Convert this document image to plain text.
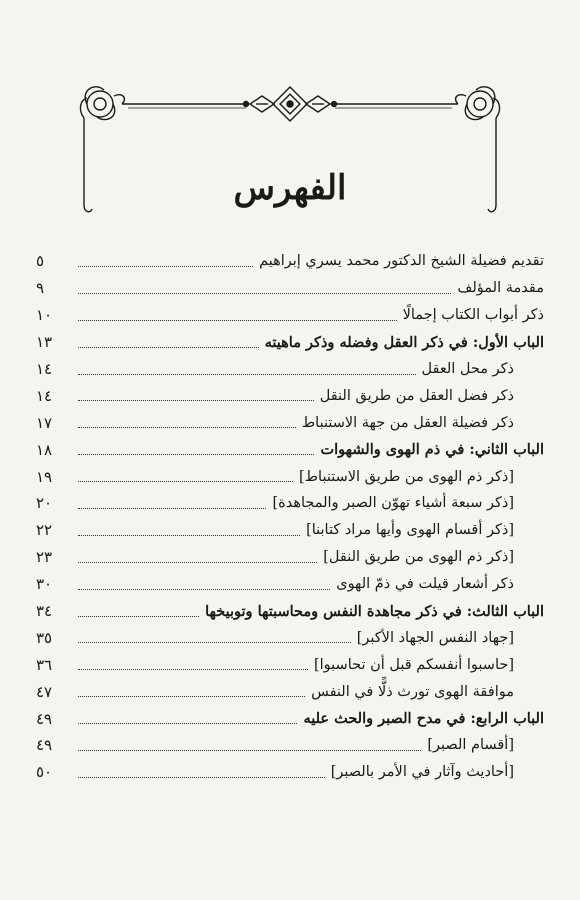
الفهرس
تقديم فضيلة الشيخ الدكتور محمد يسري إبراهيم
٥
مقدمة المؤلف
٩
ذكر أبواب الكتاب إجمالًا
١٠
الباب الأول: في ذكر العقل وفضله وذكر ماهيته
١٣
ذكر محل العقل
١٤
ذكر فضل العقل من طريق النقل
١٤
ذكر فضيلة العقل من جهة الاستنباط
١٧
الباب الثاني: في ذم الهوى والشهوات
١٨
[ذكر ذم الهوى من طريق الاستنباط]
١٩
[ذكر سبعة أشياء تهوّن الصبر والمجاهدة]
٢٠
[ذكر أقسام الهوى وأيها مراد كتابنا]
٢٢
[ذكر ذم الهوى من طريق النقل]
٢٣
ذكر أشعار قيلت في ذمّ الهوى
٣٠
الباب الثالث: في ذكر مجاهدة النفس ومحاسبتها وتوبيخها
٣٤
[جهاد النفس الجهاد الأكبر]
٣٥
[حاسبوا أنفسكم قبل أن تحاسبوا]
٣٦
موافقة الهوى تورث ذلًّا في النفس
٤٧
الباب الرابع: في مدح الصبر والحث عليه
٤٩
[أقسام الصبر]
٤٩
[أحاديث وآثار في الأمر بالصبر]
٥٠
